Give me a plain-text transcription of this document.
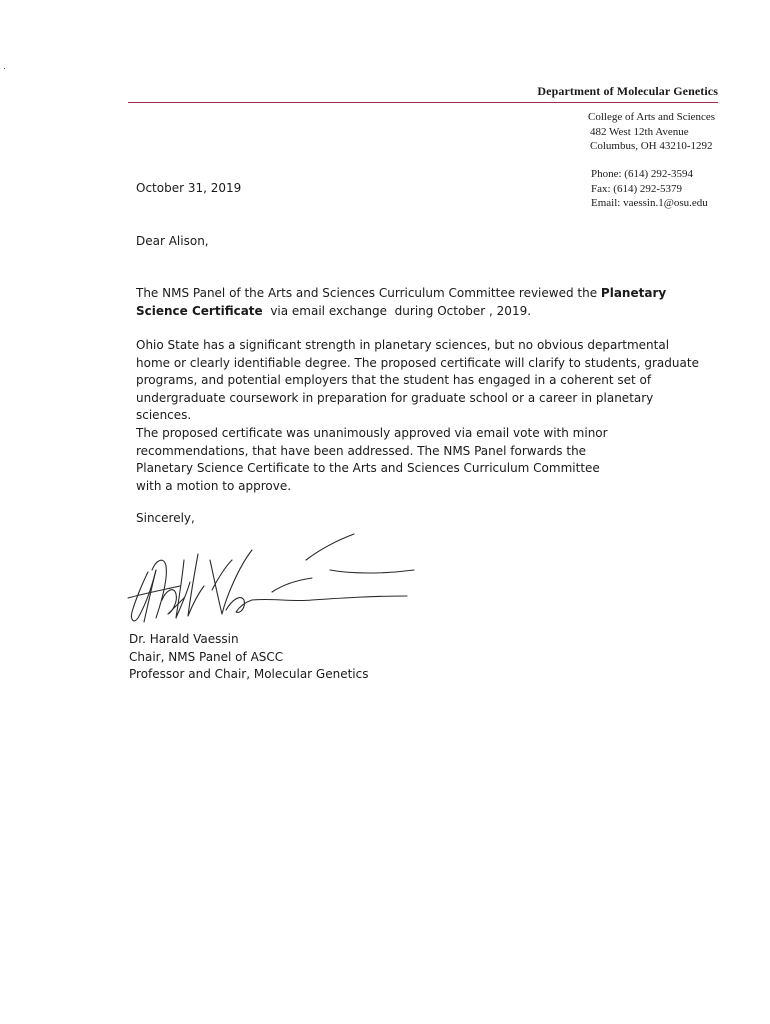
Department of Molecular Genetics
College of Arts and Sciences
482 West 12th Avenue
Columbus, OH 43210-1292
Phone: (614) 292-3594
Fax: (614) 292-5379
Email: vaessin.1@osu.edu
October 31, 2019
Dear Alison,
The NMS Panel of the Arts and Sciences Curriculum Committee reviewed the Planetary Science Certificate  via email exchange  during October , 2019.
Ohio State has a significant strength in planetary sciences, but no obvious departmental home or clearly identifiable degree. The proposed certificate will clarify to students, graduate programs, and potential employers that the student has engaged in a coherent set of undergraduate coursework in preparation for graduate school or a career in planetary sciences.
The proposed certificate was unanimously approved via email vote with minor recommendations, that have been addressed. The NMS Panel forwards the Planetary Science Certificate to the Arts and Sciences Curriculum Committee with a motion to approve.
Sincerely,
Dr. Harald Vaessin
Chair, NMS Panel of ASCC
Professor and Chair, Molecular Genetics
